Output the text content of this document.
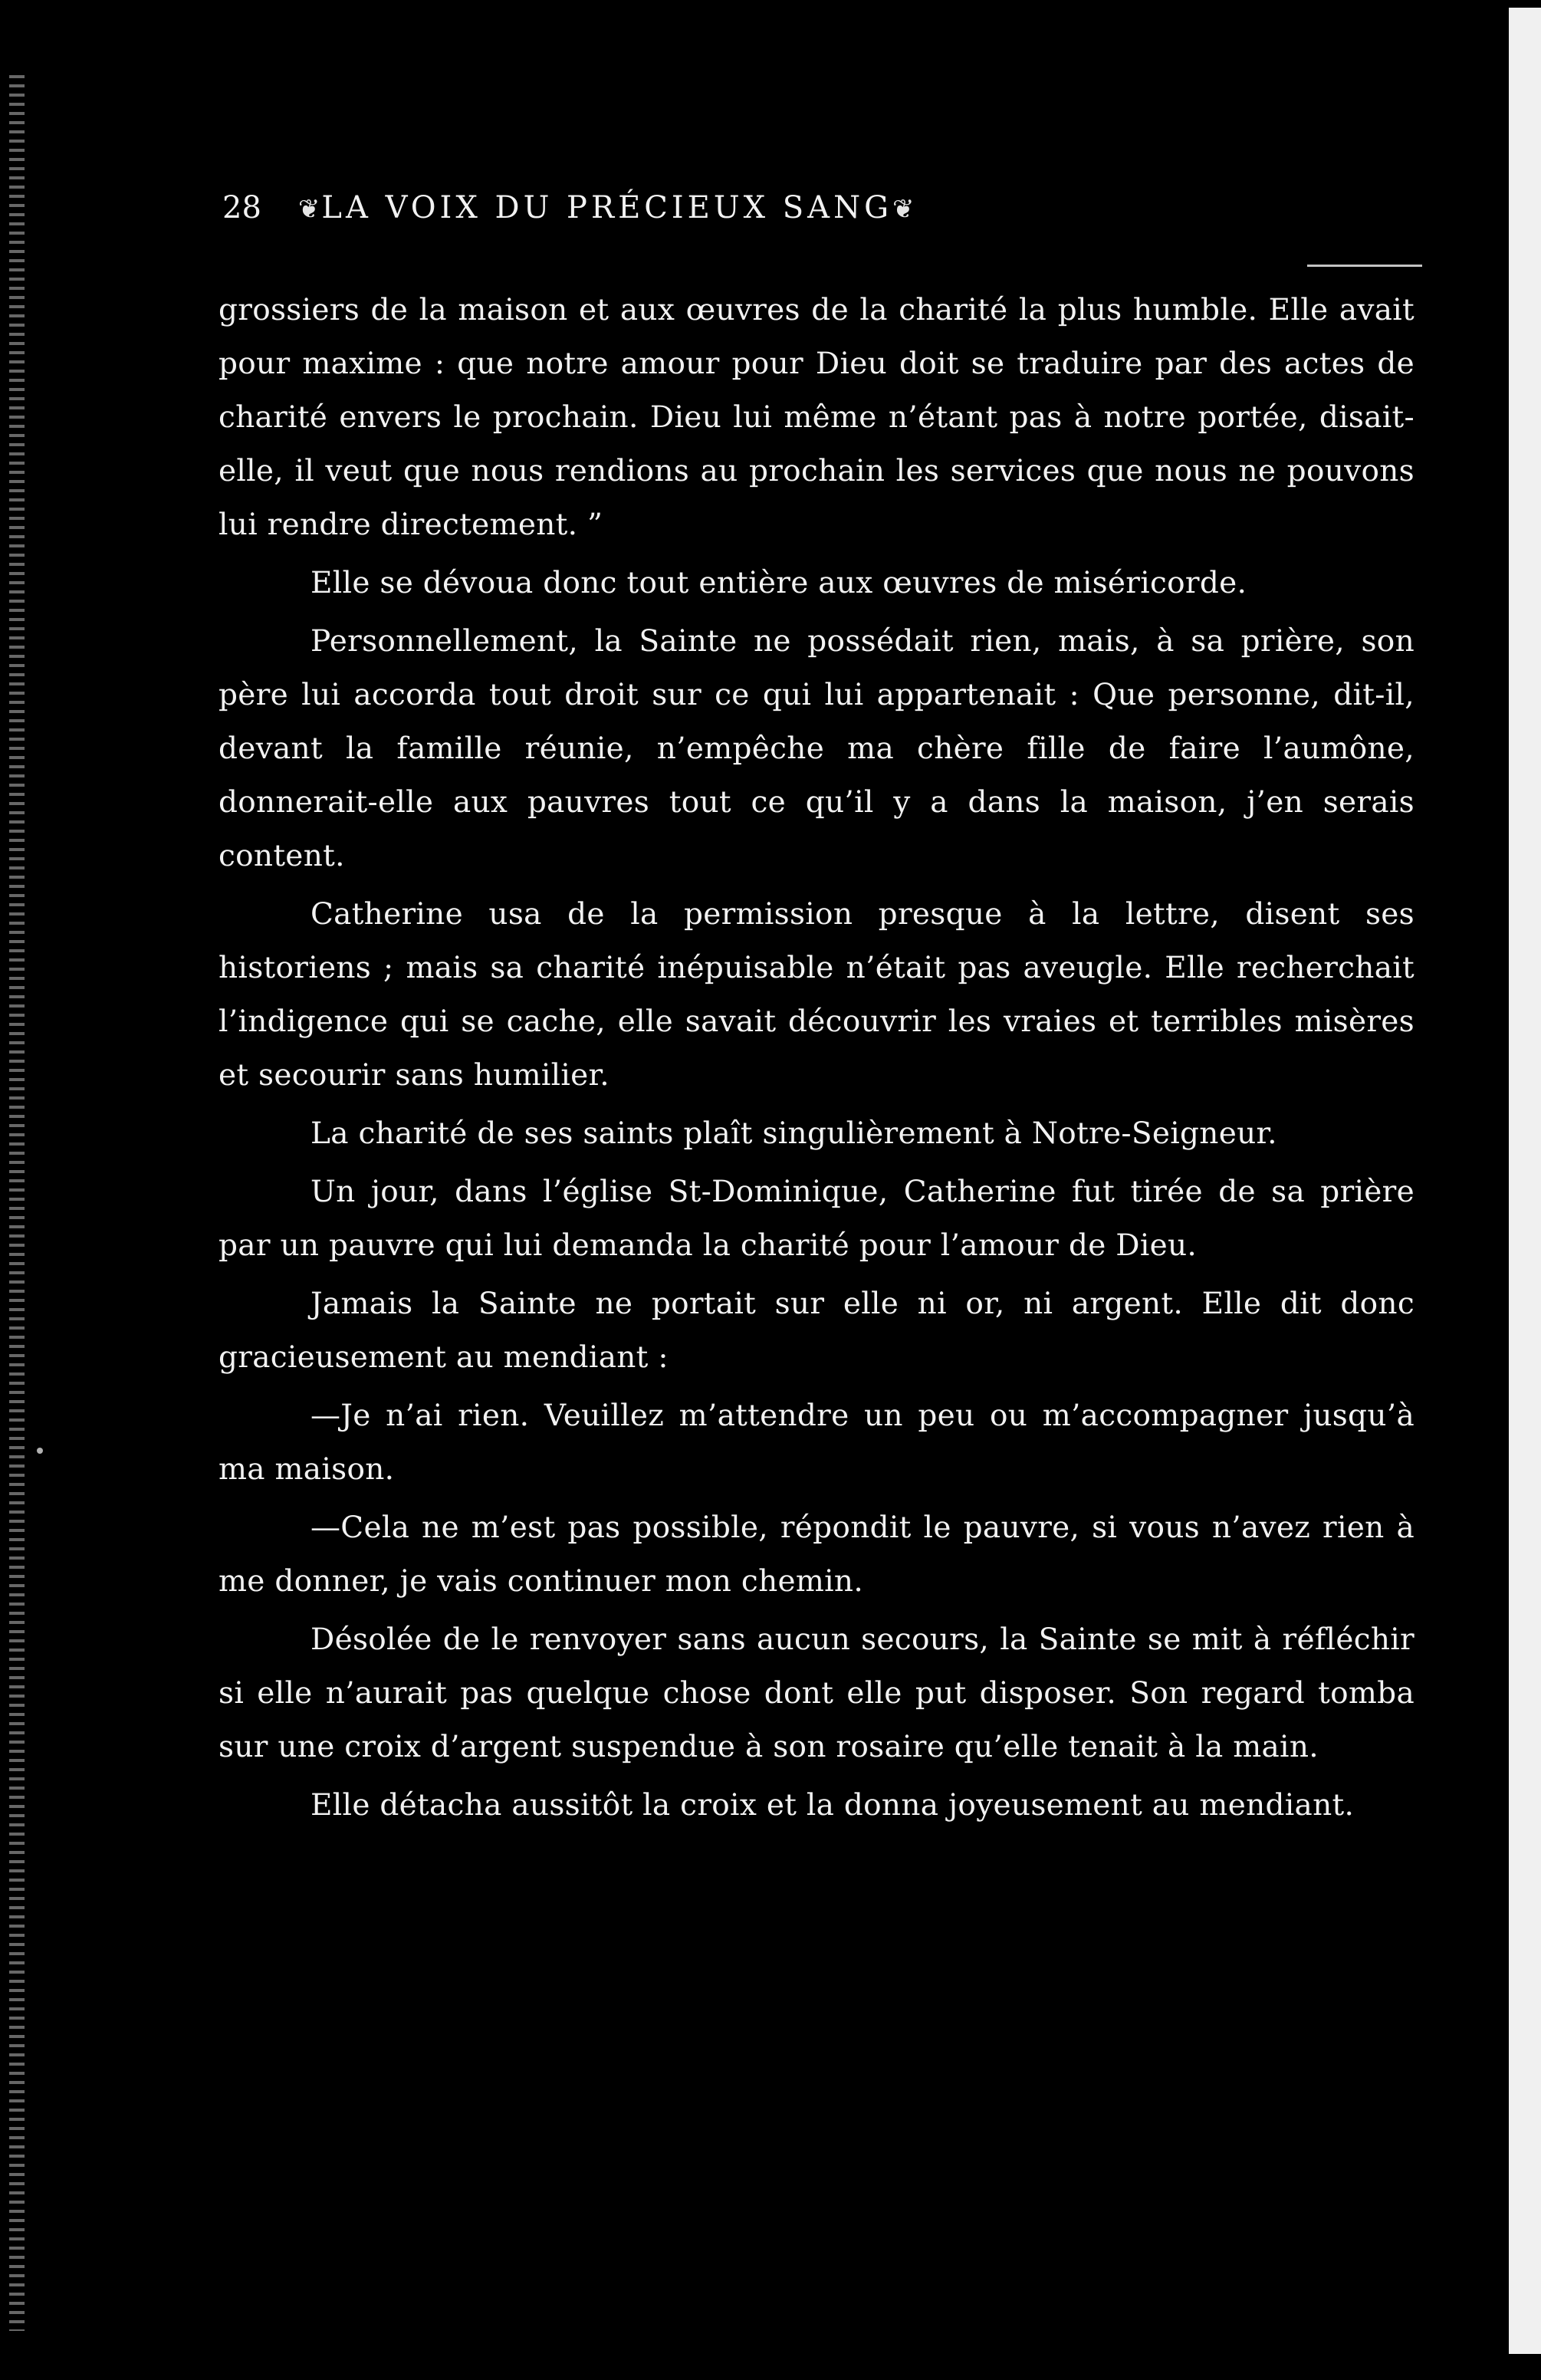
28 ❦ LA VOIX DU PRÉCIEUX SANG ❦

grossiers de la maison et aux œuvres de la charité la plus humble. Elle avait pour maxime : que notre amour pour Dieu doit se traduire par des actes de charité envers le prochain. Dieu lui même n’étant pas à notre portée, disait-elle, il veut que nous rendions au prochain les services que nous ne pouvons lui rendre directement. ”

Elle se dévoua donc tout entière aux œuvres de miséricorde.

Personnellement, la Sainte ne possédait rien, mais, à sa prière, son père lui accorda tout droit sur ce qui lui appartenait : Que personne, dit-il, devant la famille réunie, n’empêche ma chère fille de faire l’aumône, donnerait-elle aux pauvres tout ce qu’il y a dans la maison, j’en serais content.

Catherine usa de la permission presque à la lettre, disent ses historiens ; mais sa charité inépuisable n’était pas aveugle. Elle recherchait l’indigence qui se cache, elle savait découvrir les vraies et terribles misères et secourir sans humilier.

La charité de ses saints plaît singulièrement à Notre-Seigneur.

Un jour, dans l’église St-Dominique, Catherine fut tirée de sa prière par un pauvre qui lui demanda la charité pour l’amour de Dieu.

Jamais la Sainte ne portait sur elle ni or, ni argent. Elle dit donc gracieusement au mendiant :

—Je n’ai rien. Veuillez m’attendre un peu ou m’accompagner jusqu’à ma maison.

—Cela ne m’est pas possible, répondit le pauvre, si vous n’avez rien à me donner, je vais continuer mon chemin.

Désolée de le renvoyer sans aucun secours, la Sainte se mit à réfléchir si elle n’aurait pas quelque chose dont elle put disposer. Son regard tomba sur une croix d’argent suspendue à son rosaire qu’elle tenait à la main.

Elle détacha aussitôt la croix et la donna joyeusement au mendiant.
